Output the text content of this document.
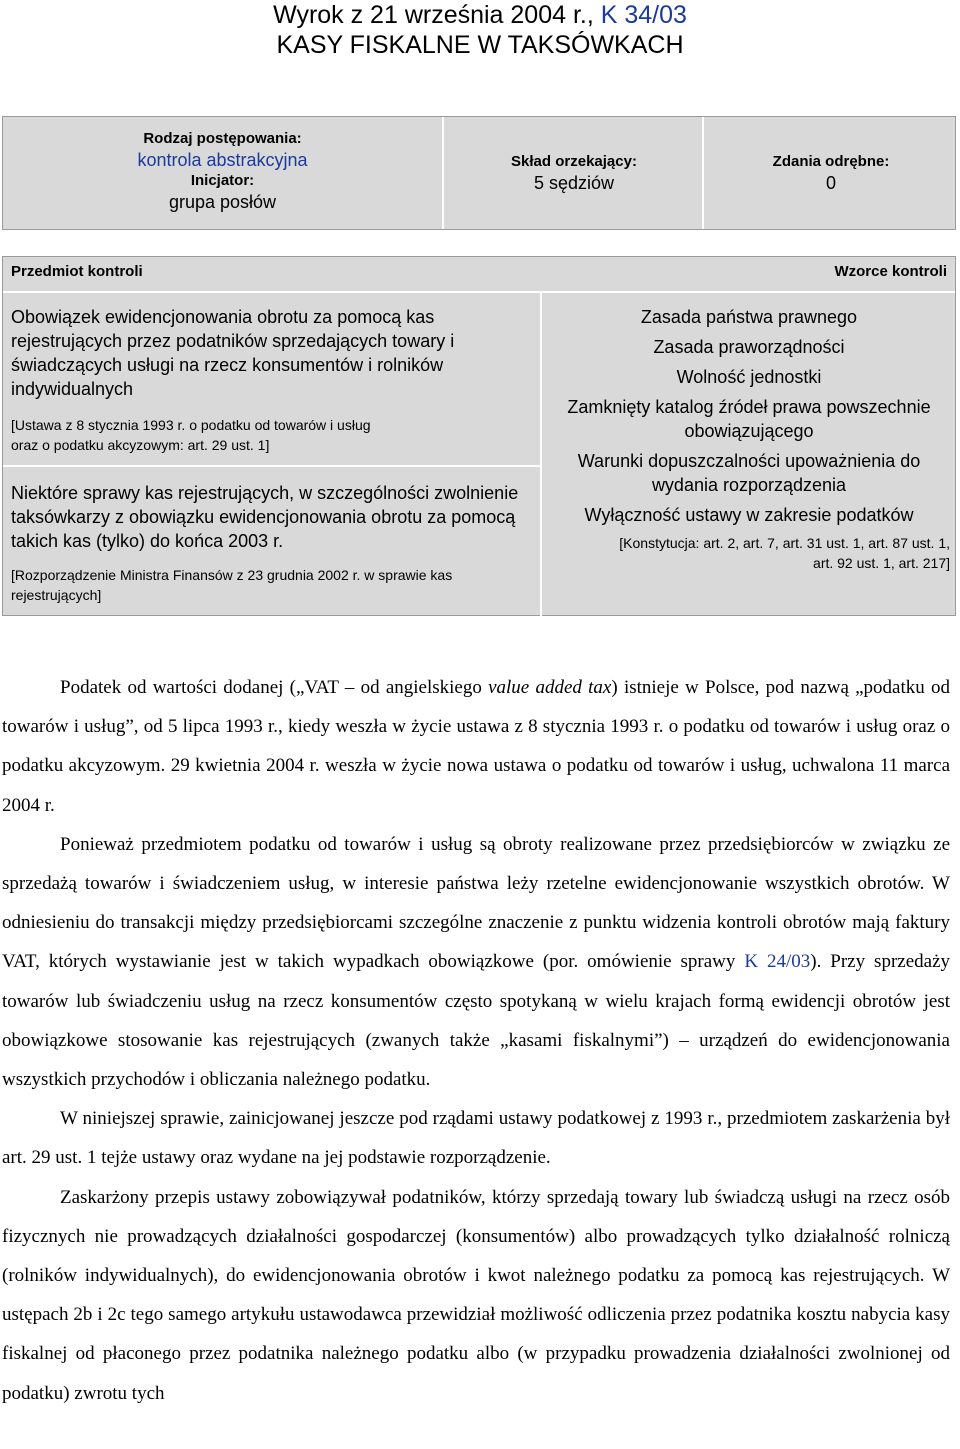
Wyrok z 21 września 2004 r., K 34/03
KASY FISKALNE W TAKSÓWKACH
Rodzaj postępowania:
kontrola abstrakcyjna
Inicjator:
grupa posłów
Skład orzekający:
5 sędziów
Zdania odrębne:
0
Przedmiot kontroli	Wzorce kontroli
Obowiązek ewidencjonowania obrotu za pomocą kas rejestrujących przez podatników sprzedających towary i świadczących usługi na rzecz konsumentów i rolników indywidualnych
[Ustawa z 8 stycznia 1993 r. o podatku od towarów i usług
oraz o podatku akcyzowym: art. 29 ust. 1]
Niektóre sprawy kas rejestrujących, w szczególności zwolnienie taksówkarzy z obowiązku ewidencjonowania obrotu za pomocą takich kas (tylko) do końca 2003 r.
[Rozporządzenie Ministra Finansów z 23 grudnia 2002 r. w sprawie kas rejestrujących]
Zasada państwa prawnego
Zasada praworządności
Wolność jednostki
Zamknięty katalog źródeł prawa powszechnie obowiązującego
Warunki dopuszczalności upoważnienia do wydania rozporządzenia
Wyłączność ustawy w zakresie podatków
[Konstytucja: art. 2, art. 7, art. 31 ust. 1, art. 87 ust. 1,
art. 92 ust. 1, art. 217]

Podatek od wartości dodanej („VAT – od angielskiego value added tax) istnieje w Polsce, pod nazwą „podatku od towarów i usług”, od 5 lipca 1993 r., kiedy weszła w życie ustawa z 8 stycznia 1993 r. o podatku od towarów i usług oraz o podatku akcyzowym. 29 kwietnia 2004 r. weszła w życie nowa ustawa o podatku od towarów i usług, uchwalona 11 marca 2004 r.

Ponieważ przedmiotem podatku od towarów i usług są obroty realizowane przez przedsiębiorców w związku ze sprzedażą towarów i świadczeniem usług, w interesie państwa leży rzetelne ewidencjonowanie wszystkich obrotów. W odniesieniu do transakcji między przedsiębiorcami szczególne znaczenie z punktu widzenia kontroli obrotów mają faktury VAT, których wystawianie jest w takich wypadkach obowiązkowe (por. omówienie sprawy K 24/03). Przy sprzedaży towarów lub świadczeniu usług na rzecz konsumentów często spotykaną w wielu krajach formą ewidencji obrotów jest obowiązkowe stosowanie kas rejestrujących (zwanych także „kasami fiskalnymi”) – urządzeń do ewidencjonowania wszystkich przychodów i obliczania należnego podatku.

W niniejszej sprawie, zainicjowanej jeszcze pod rządami ustawy podatkowej z 1993 r., przedmiotem zaskarżenia był art. 29 ust. 1 tejże ustawy oraz wydane na jej podstawie rozporządzenie.

Zaskarżony przepis ustawy zobowiązywał podatników, którzy sprzedają towary lub świadczą usługi na rzecz osób fizycznych nie prowadzących działalności gospodarczej (konsumentów) albo prowadzących tylko działalność rolniczą (rolników indywidualnych), do ewidencjonowania obrotów i kwot należnego podatku za pomocą kas rejestrujących. W ustępach 2b i 2c tego samego artykułu ustawodawca przewidział możliwość odliczenia przez podatnika kosztu nabycia kasy fiskalnej od płaconego przez podatnika należnego podatku albo (w przypadku prowadzenia działalności zwolnionej od podatku) zwrotu tych
